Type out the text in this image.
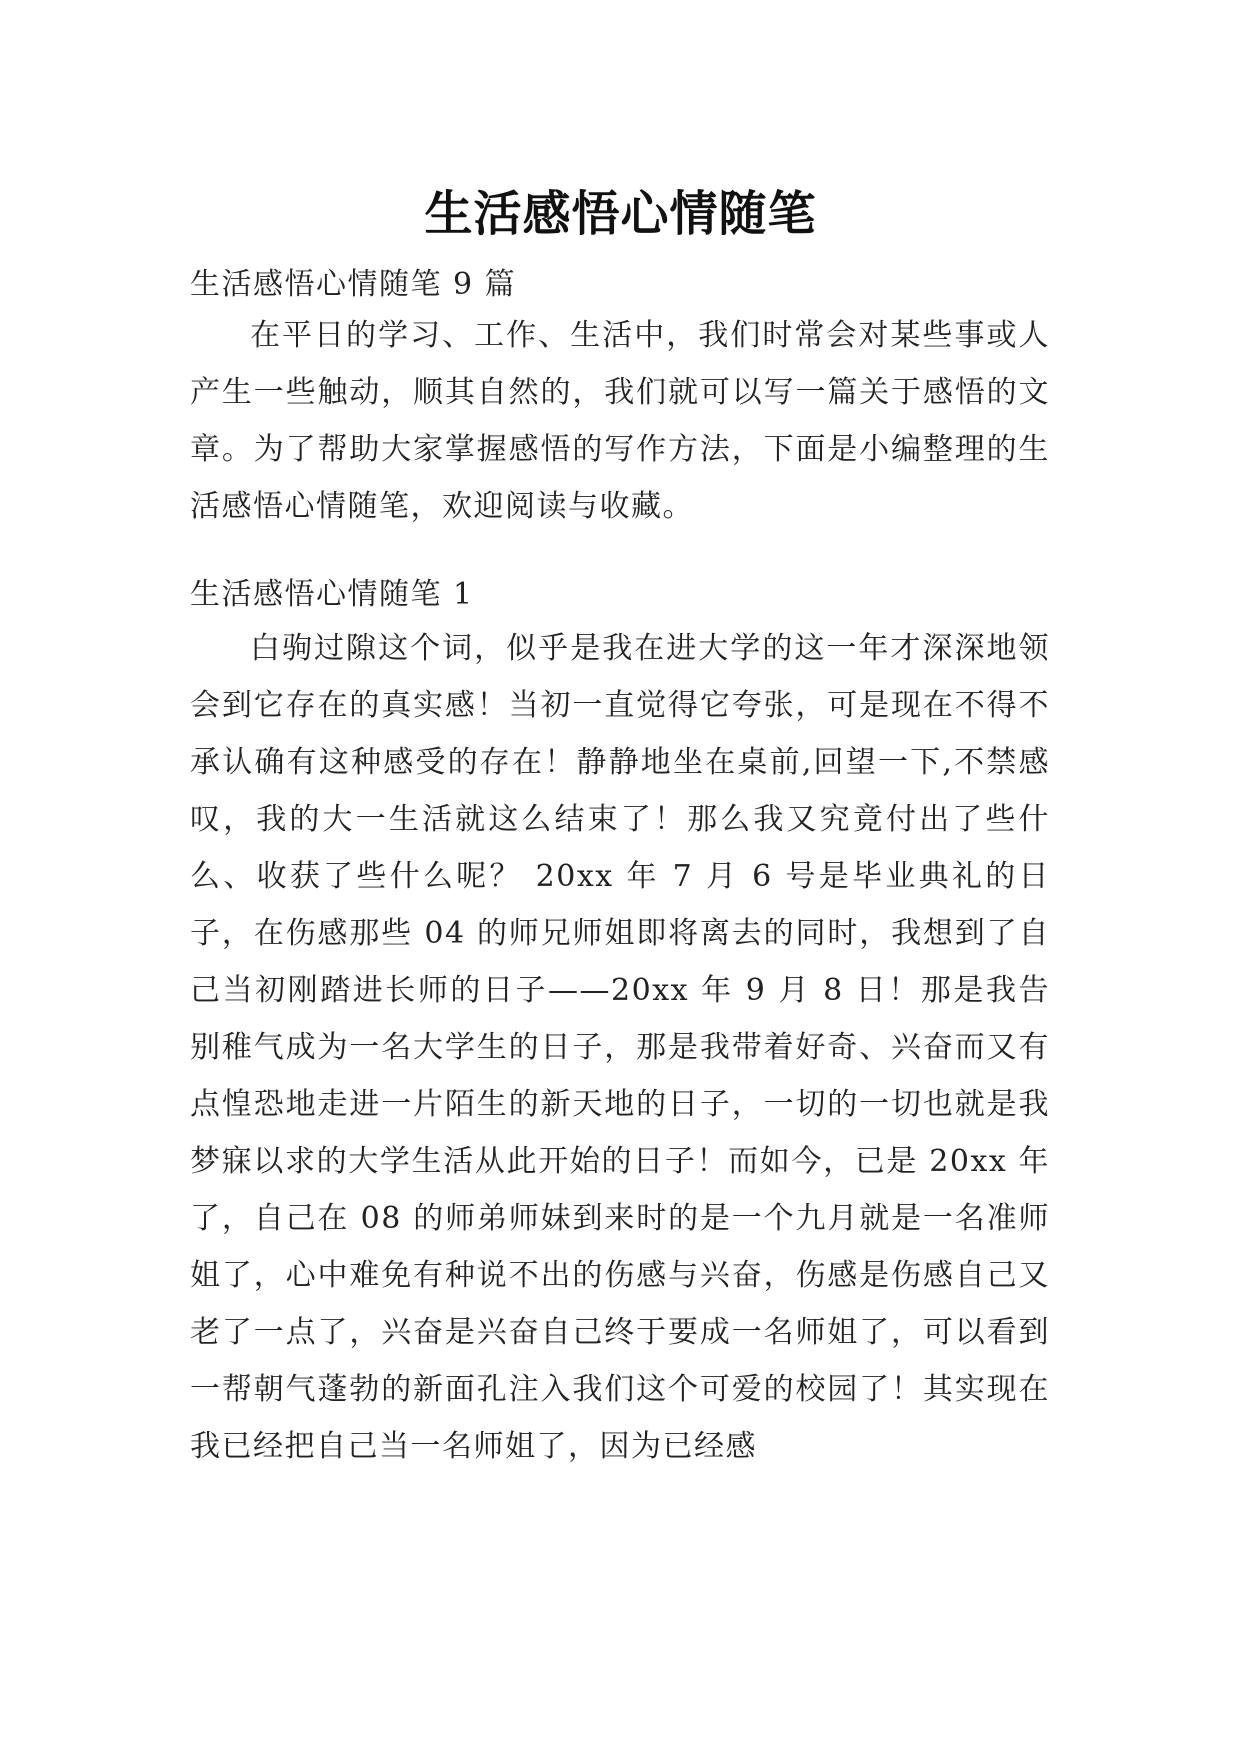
生活感悟心情随笔

生活感悟心情随笔 9 篇

在平日的学习、工作、生活中，我们时常会对某些事或人产生一些触动，顺其自然的，我们就可以写一篇关于感悟的文章。为了帮助大家掌握感悟的写作方法，下面是小编整理的生活感悟心情随笔，欢迎阅读与收藏。

生活感悟心情随笔 1

白驹过隙这个词，似乎是我在进大学的这一年才深深地领会到它存在的真实感！当初一直觉得它夸张，可是现在不得不承认确有这种感受的存在！静静地坐在桌前,回望一下,不禁感叹，我的大一生活就这么结束了！那么我又究竟付出了些什么、收获了些什么呢？ 20xx 年 7 月 6 号是毕业典礼的日子，在伤感那些 04 的师兄师姐即将离去的同时，我想到了自己当初刚踏进长师的日子——20xx 年 9 月 8 日！那是我告别稚气成为一名大学生的日子，那是我带着好奇、兴奋而又有点惶恐地走进一片陌生的新天地的日子，一切的一切也就是我梦寐以求的大学生活从此开始的日子！而如今，已是 20xx 年了，自己在 08 的师弟师妹到来时的是一个九月就是一名准师姐了，心中难免有种说不出的伤感与兴奋，伤感是伤感自己又老了一点了，兴奋是兴奋自己终于要成一名师姐了，可以看到一帮朝气蓬勃的新面孔注入我们这个可爱的校园了！其实现在我已经把自己当一名师姐了，因为已经感
